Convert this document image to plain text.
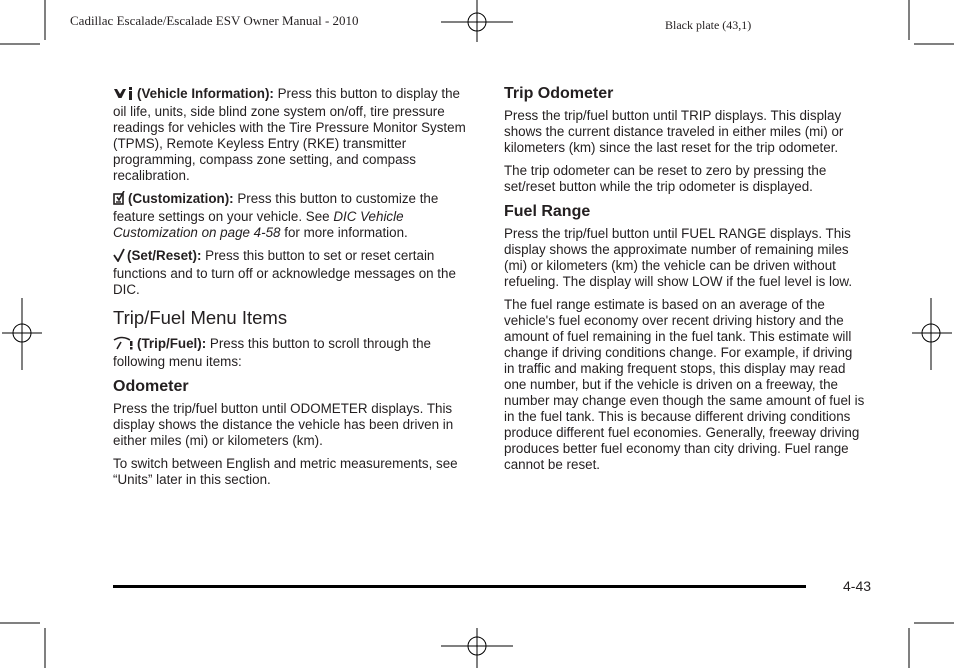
Cadillac Escalade/Escalade ESV Owner Manual - 2010	Black plate (43,1)

(Vehicle Information): Press this button to display the oil life, units, side blind zone system on/off, tire pressure readings for vehicles with the Tire Pressure Monitor System (TPMS), Remote Keyless Entry (RKE) transmitter programming, compass zone setting, and compass recalibration.

(Customization): Press this button to customize the feature settings on your vehicle. See DIC Vehicle Customization on page 4-58 for more information.

(Set/Reset): Press this button to set or reset certain functions and to turn off or acknowledge messages on the DIC.

Trip/Fuel Menu Items

(Trip/Fuel): Press this button to scroll through the following menu items:

Odometer

Press the trip/fuel button until ODOMETER displays. This display shows the distance the vehicle has been driven in either miles (mi) or kilometers (km).

To switch between English and metric measurements, see “Units” later in this section.

Trip Odometer

Press the trip/fuel button until TRIP displays. This display shows the current distance traveled in either miles (mi) or kilometers (km) since the last reset for the trip odometer.

The trip odometer can be reset to zero by pressing the set/reset button while the trip odometer is displayed.

Fuel Range

Press the trip/fuel button until FUEL RANGE displays. This display shows the approximate number of remaining miles (mi) or kilometers (km) the vehicle can be driven without refueling. The display will show LOW if the fuel level is low.

The fuel range estimate is based on an average of the vehicle's fuel economy over recent driving history and the amount of fuel remaining in the fuel tank. This estimate will change if driving conditions change. For example, if driving in traffic and making frequent stops, this display may read one number, but if the vehicle is driven on a freeway, the number may change even though the same amount of fuel is in the fuel tank. This is because different driving conditions produce different fuel economies. Generally, freeway driving produces better fuel economy than city driving. Fuel range cannot be reset.

4-43
